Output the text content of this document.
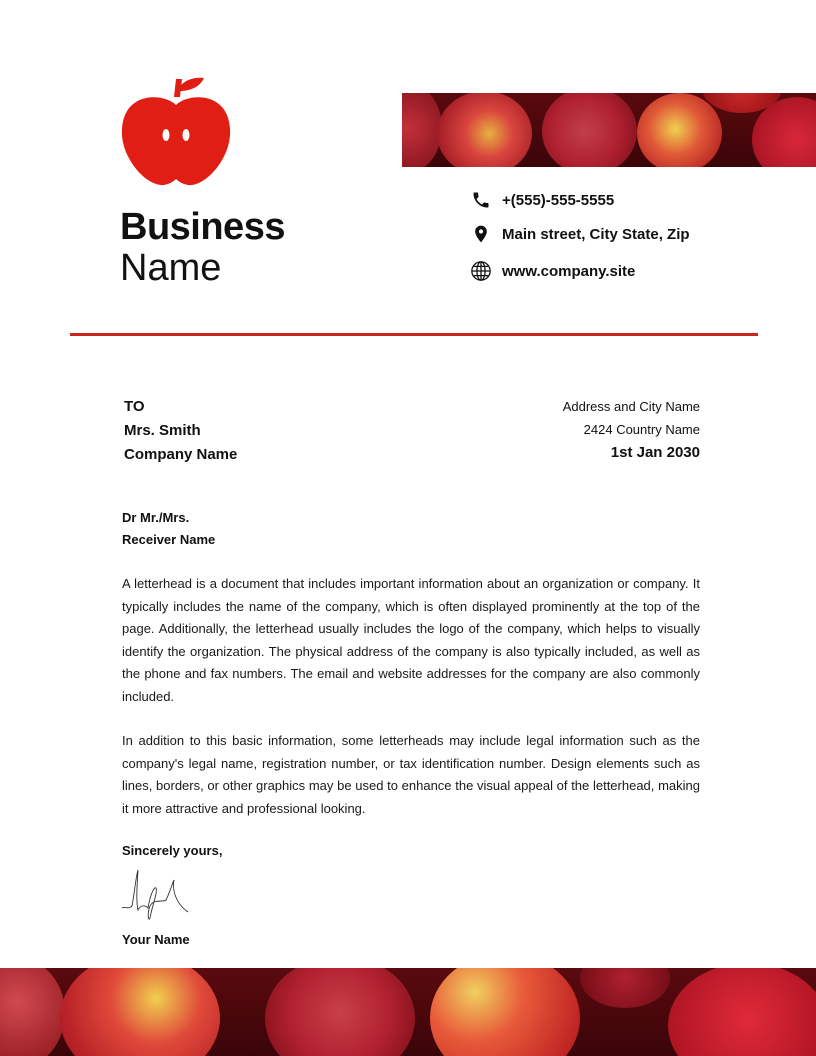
Business
Name
+(555)-555-5555
Main street, City State, Zip
www.company.site
TO
Mrs. Smith
Company Name
Address and City Name
2424 Country Name
1st Jan 2030
Dr Mr./Mrs.
Receiver Name

A letterhead is a document that includes important information about an organization or company. It typically includes the name of the company, which is often displayed prominently at the top of the page. Additionally, the letterhead usually includes the logo of the company, which helps to visually identify the organization. The physical address of the company is also typically included, as well as the phone and fax numbers. The email and website addresses for the company are also commonly included.

In addition to this basic information, some letterheads may include legal information such as the company's legal name, registration number, or tax identification number. Design elements such as lines, borders, or other graphics may be used to enhance the visual appeal of the letterhead, making it more attractive and professional looking.

Sincerely yours,
Your Name
